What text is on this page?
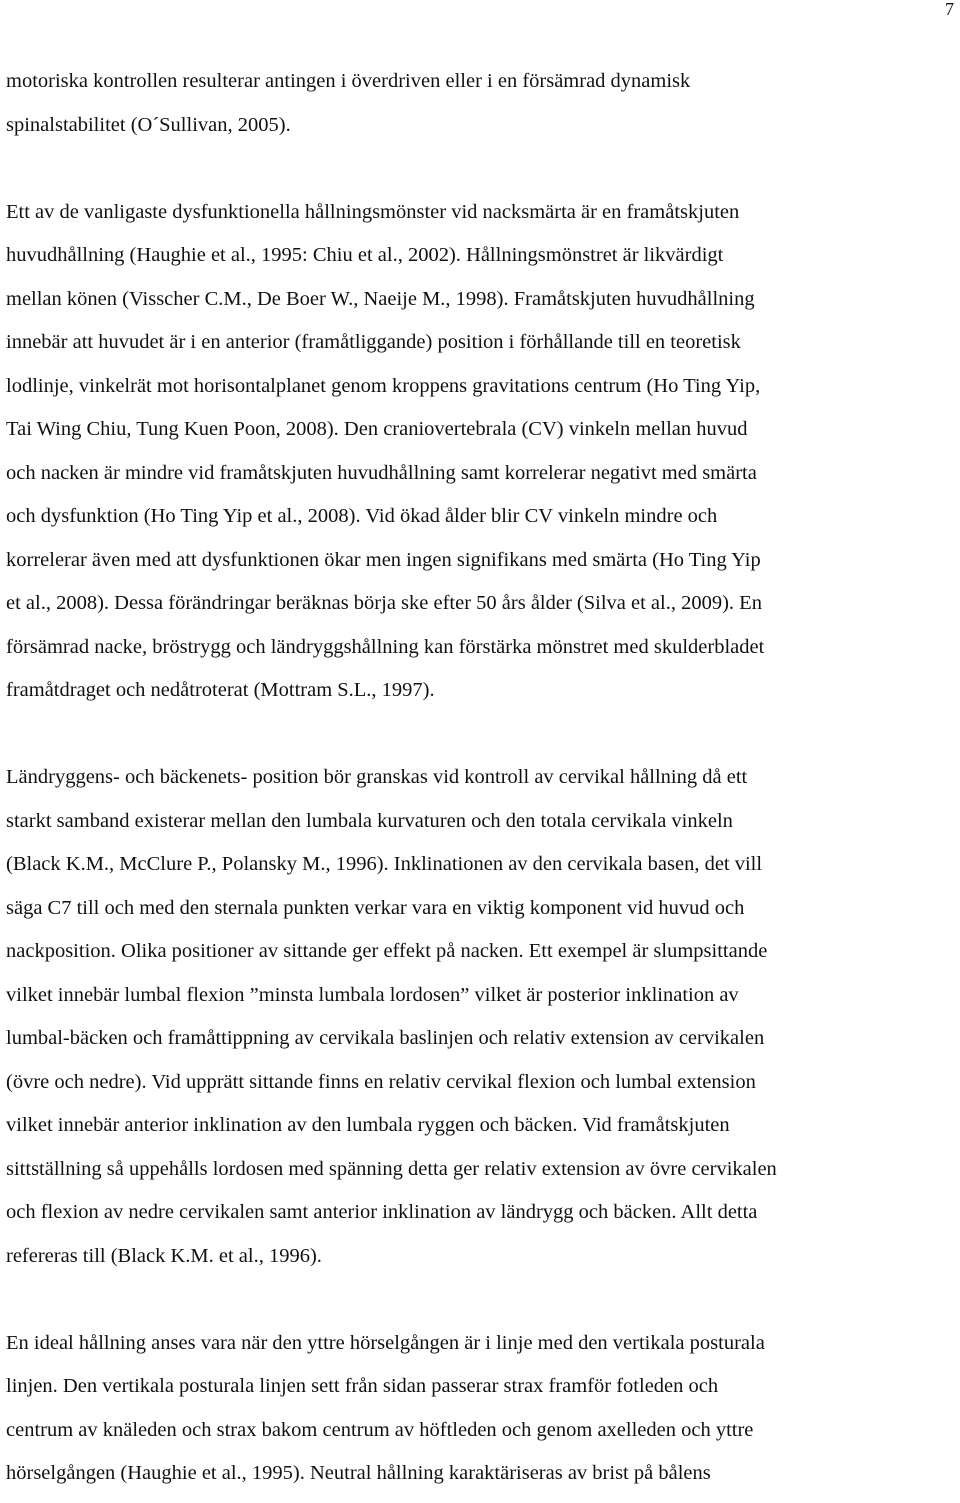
7

motoriska kontrollen resulterar antingen i överdriven eller i en försämrad dynamisk
spinalstabilitet (O´Sullivan, 2005).

Ett av de vanligaste dysfunktionella hållningsmönster vid nacksmärta är en framåtskjuten
huvudhållning (Haughie et al., 1995: Chiu et al., 2002). Hållningsmönstret är likvärdigt
mellan könen (Visscher C.M., De Boer W., Naeije M., 1998). Framåtskjuten huvudhållning
innebär att huvudet är i en anterior (framåtliggande) position i förhållande till en teoretisk
lodlinje, vinkelrät mot horisontalplanet genom kroppens gravitations centrum (Ho Ting Yip,
Tai Wing Chiu, Tung Kuen Poon, 2008). Den craniovertebrala (CV) vinkeln mellan huvud
och nacken är mindre vid framåtskjuten huvudhållning samt korrelerar negativt med smärta
och dysfunktion (Ho Ting Yip et al., 2008). Vid ökad ålder blir CV vinkeln mindre och
korrelerar även med att dysfunktionen ökar men ingen signifikans med smärta (Ho Ting Yip
et al., 2008). Dessa förändringar beräknas börja ske efter 50 års ålder (Silva et al., 2009). En
försämrad nacke, bröstrygg och ländryggshållning kan förstärka mönstret med skulderbladet
framåtdraget och nedåtroterat (Mottram S.L., 1997).

Ländryggens- och bäckenets- position bör granskas vid kontroll av cervikal hållning då ett
starkt samband existerar mellan den lumbala kurvaturen och den totala cervikala vinkeln
(Black K.M., McClure P., Polansky M., 1996). Inklinationen av den cervikala basen, det vill
säga C7 till och med den sternala punkten verkar vara en viktig komponent vid huvud och
nackposition. Olika positioner av sittande ger effekt på nacken. Ett exempel är slumpsittande
vilket innebär lumbal flexion ”minsta lumbala lordosen” vilket är posterior inklination av
lumbal-bäcken och framåttippning av cervikala baslinjen och relativ extension av cervikalen
(övre och nedre). Vid upprätt sittande finns en relativ cervikal flexion och lumbal extension
vilket innebär anterior inklination av den lumbala ryggen och bäcken. Vid framåtskjuten
sittställning så uppehålls lordosen med spänning detta ger relativ extension av övre cervikalen
och flexion av nedre cervikalen samt anterior inklination av ländrygg och bäcken. Allt detta
refereras till (Black K.M. et al., 1996).

En ideal hållning anses vara när den yttre hörselgången är i linje med den vertikala posturala
linjen. Den vertikala posturala linjen sett från sidan passerar strax framför fotleden och
centrum av knäleden och strax bakom centrum av höftleden och genom axelleden och yttre
hörselgången (Haughie et al., 1995). Neutral hållning karaktäriseras av brist på bålens
